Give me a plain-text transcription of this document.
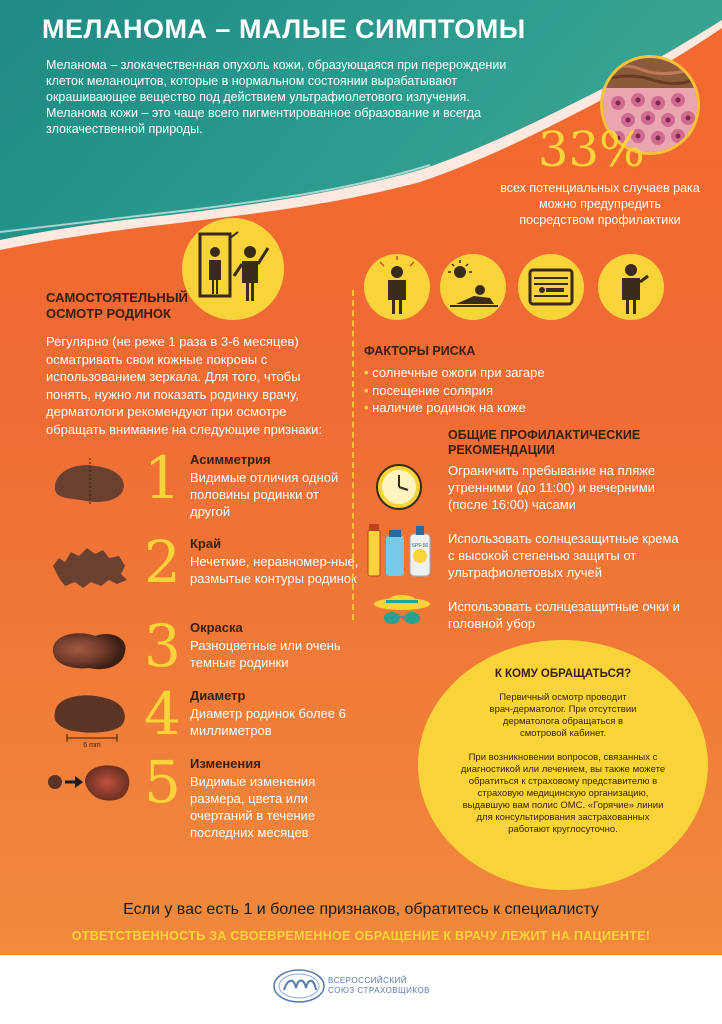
МЕЛАНОМА – МАЛЫЕ СИМПТОМЫ

Меланома – злокачественная опухоль кожи, образующаяся при перерождении клеток меланоцитов, которые в нормальном состоянии вырабатывают окрашивающее вещество под действием ультрафиолетового излучения. Меланома кожи – это чаще всего пигментированное образование и всегда злокачественной природы.	33%
всех потенциальных случаев рака можно предупредить посредством профилактики
САМОСТОЯТЕЛЬНЫЙ
ОСМОТР РОДИНОК
Регулярно (не реже 1 раза в 3-6 месяцев) осматривать свои кожные покровы с использованием зеркала. Для того, чтобы понять, нужно ли показать родинку врачу, дерматологи рекомендуют при осмотре обращать внимание на следующие признаки:
1 Асимметрия
Видимые отличия одной половины родинки от другой
2 Край
Нечеткие, неравномер-ные, размытые контуры родинок
3 Окраска
Разноцветные или очень темные родинки
6 mm 4 Диаметр
Диаметр родинок более 6 миллиметров
5 Изменения
Видимые изменения размера, цвета или очертаний в течение последних месяцев
ФАКТОРЫ РИСКА
• солнечные ожоги при загаре
• посещение солярия
• наличие родинок на коже
ОБЩИЕ ПРОФИЛАКТИЧЕСКИЕ
РЕКОМЕНДАЦИИ
Ограничить пребывание на пляже утренними (до 11:00) и вечерними (после 16:00) часами
SPF 50 Использовать солнцезащитные крема с высокой степенью защиты от ультрафиолетовых лучей
Использовать солнцезащитные очки и головной убор
К КОМУ ОБРАЩАТЬСЯ?
Первичный осмотр проводит врач-дерматолог. При отсутствии дерматолога обращаться в смотровой кабинет.
При возникновении вопросов, связанных с диагностикой или лечением, вы также можете обратиться к страховому представителю в страховую медицинскую организацию, выдавшую вам полис ОМС. «Горячие» линии для консультирования застрахованных работают круглосуточно.
Если у вас есть 1 и более признаков, обратитесь к специалисту
ОТВЕТСТВЕННОСТЬ ЗА СВОЕВРЕМЕННОЕ ОБРАЩЕНИЕ К ВРАЧУ ЛЕЖИТ НА ПАЦИЕНТЕ!
ВСЕРОССИЙСКИЙ
СОЮЗ СТРАХОВЩИКОВ
